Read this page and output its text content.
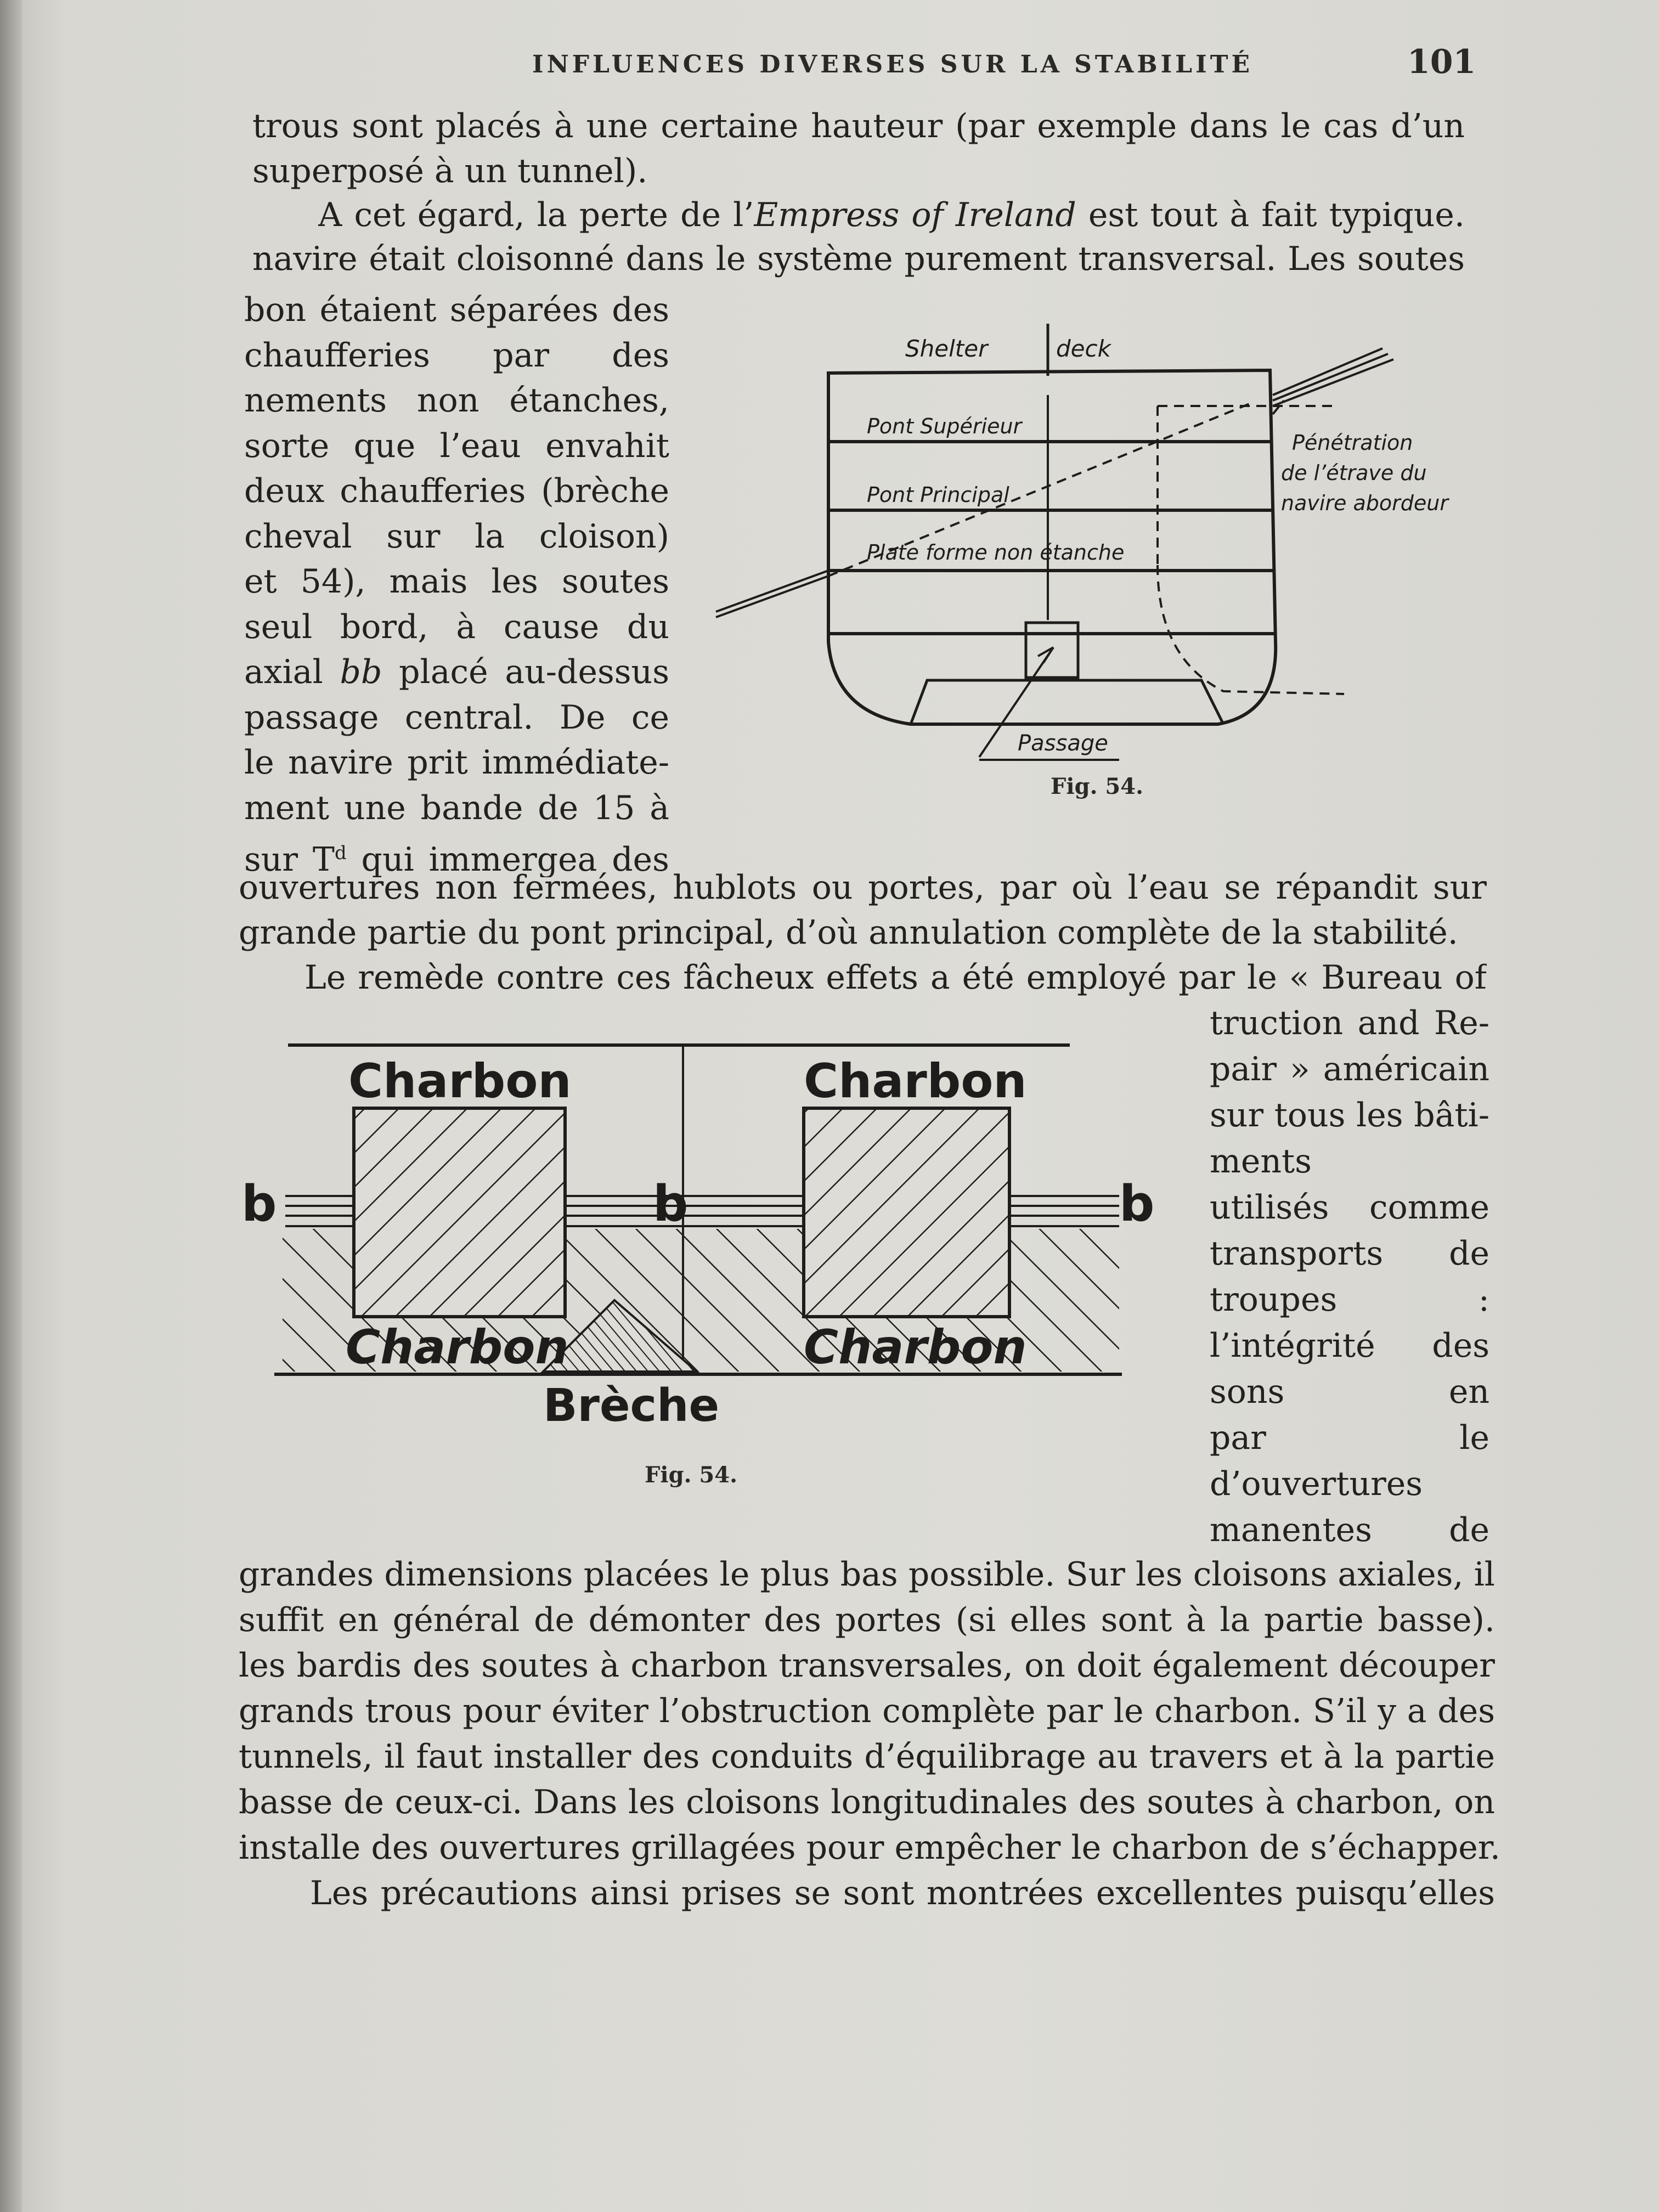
INFLUENCES DIVERSES SUR LA STABILITÉ	101
trous sont placés à une certaine hauteur (par exemple dans le cas d’un
superposé à un tunnel).
A cet égard, la perte de l’Empress of Ireland est tout à fait typique.
navire était cloisonné dans le système purement transversal. Les soutes
bon étaient séparées des
chaufferies par des
nements non étanches,
sorte que l’eau envahit
deux chaufferies (brèche
cheval sur la cloison)
et 54), mais les soutes
seul bord, à cause du
axial bb placé au-dessus
passage central. De ce
le navire prit immédiate-
ment une bande de 15 à
sur $T^d$ qui immergea des
Shelter	deck
Pont Supérieur
Pont Principal
Plate forme non étanche
Passage
Pénétration
de l’étrave du
navire abordeur
Fig. 54.
ouvertures non fermées, hublots ou portes, par où l’eau se répandit sur
grande partie du pont principal, d’où annulation complète de la stabilité.
Le remède contre ces fâcheux effets a été employé par le « Bureau of
truction and Re-
pair » américain
sur tous les bâti-
ments
utilisés comme
transports de
troupes :
l’intégrité des
sons en
par le
d’ouvertures
manentes de
Charbon	Charbon
Charbon	Charbon
b	b	b
Brèche
Fig. 54.
grandes dimensions placées le plus bas possible. Sur les cloisons axiales, il
suffit en général de démonter des portes (si elles sont à la partie basse).
les bardis des soutes à charbon transversales, on doit également découper
grands trous pour éviter l’obstruction complète par le charbon. S’il y a des
tunnels, il faut installer des conduits d’équilibrage au travers et à la partie
basse de ceux-ci. Dans les cloisons longitudinales des soutes à charbon, on
installe des ouvertures grillagées pour empêcher le charbon de s’échapper.
Les précautions ainsi prises se sont montrées excellentes puisqu’elles
